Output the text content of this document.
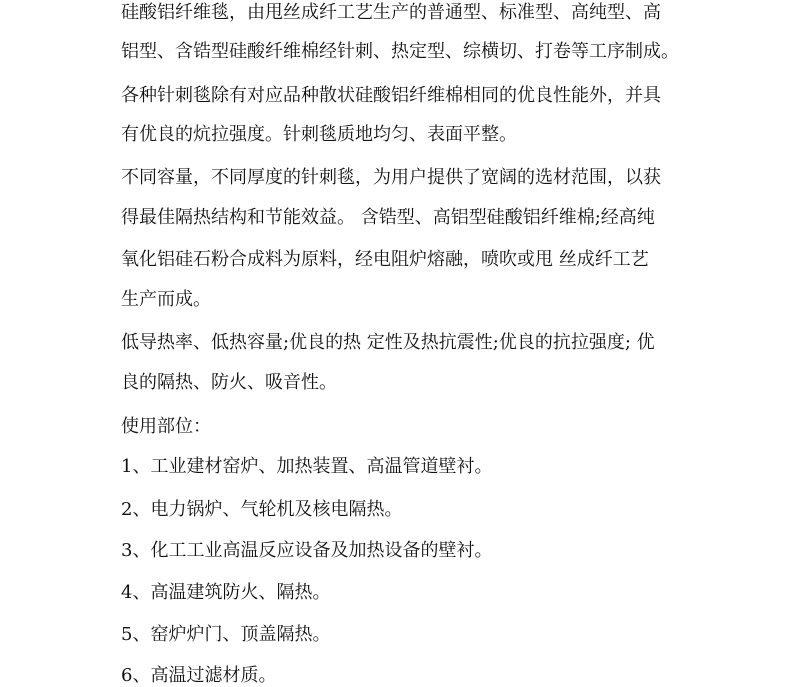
硅酸铝纤维毯，由甩丝成纤工艺生产的普通型、标准型、高纯型、高
铝型、含锆型硅酸纤维棉经针刺、热定型、综横切、打卷等工序制成。
各种针刺毯除有对应品种散状硅酸铝纤维棉相同的优良性能外，并具
有优良的炕拉强度。针刺毯质地均匀、表面平整。
不同容量，不同厚度的针刺毯，为用户提供了宽阔的选材范围，以获
得最佳隔热结构和节能效益。 含锆型、高铝型硅酸铝纤维棉;经高纯
氧化铝硅石粉合成料为原料，经电阻炉熔融，喷吹或甩 丝成纤工艺
生产而成。
低导热率、低热容量;优良的热 定性及热抗震性;优良的抗拉强度; 优
良的隔热、防火、吸音性。
使用部位：
1、工业建材窑炉、加热装置、高温管道壁衬。
2、电力锅炉、气轮机及核电隔热。
3、化工工业高温反应设备及加热设备的壁衬。
4、高温建筑防火、隔热。
5、窑炉炉门、顶盖隔热。
6、高温过滤材质。
